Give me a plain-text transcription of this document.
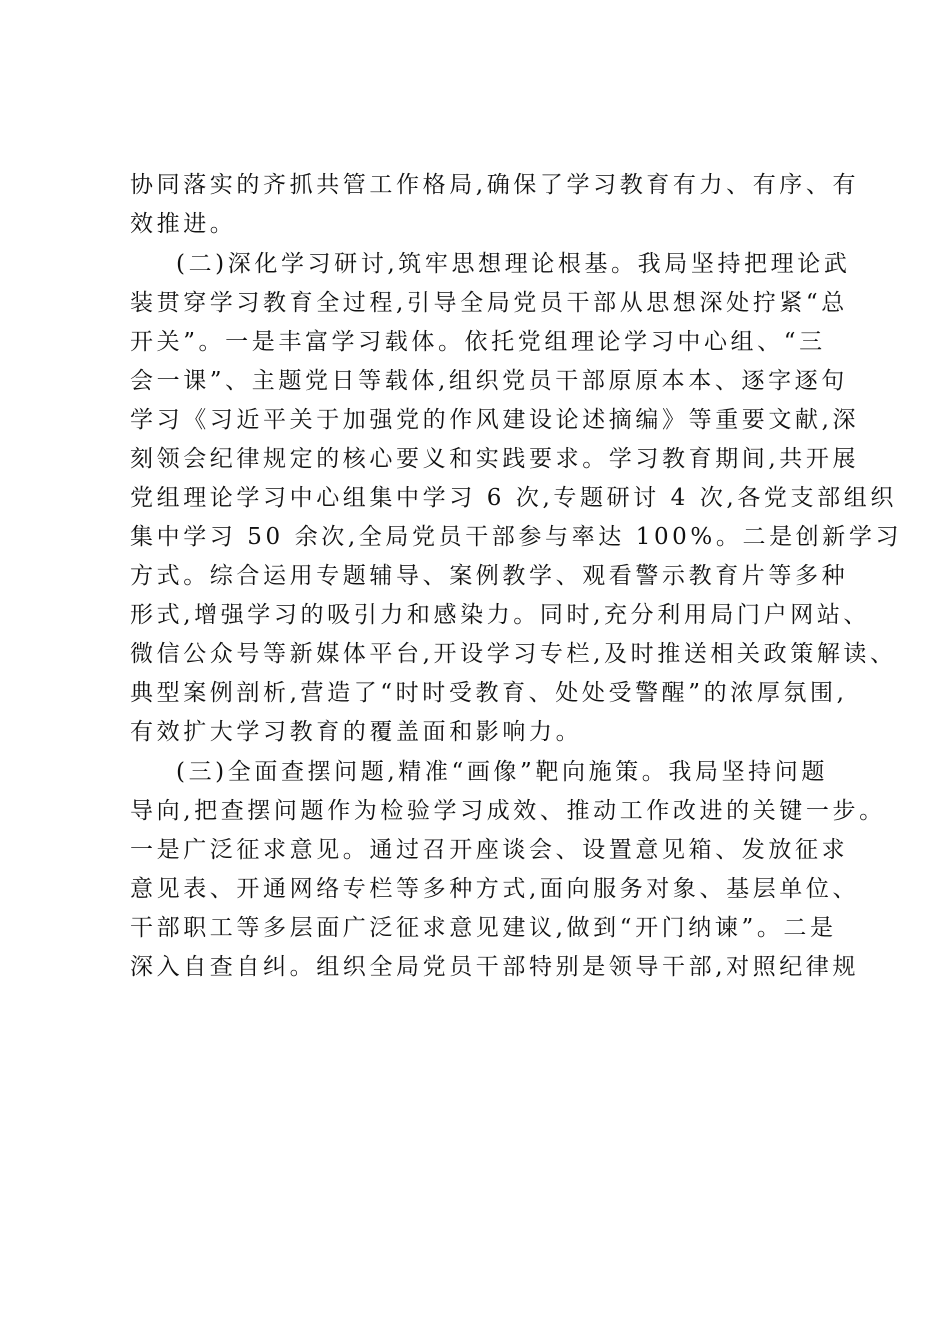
协同落实的齐抓共管工作格局,确保了学习教育有力、有序、有
效推进。
(二)深化学习研讨,筑牢思想理论根基。我局坚持把理论武
装贯穿学习教育全过程,引导全局党员干部从思想深处拧紧“总
开关”。一是丰富学习载体。依托党组理论学习中心组、“三
会一课”、主题党日等载体,组织党员干部原原本本、逐字逐句
学习《习近平关于加强党的作风建设论述摘编》等重要文献,深
刻领会纪律规定的核心要义和实践要求。学习教育期间,共开展
党组理论学习中心组集中学习 6 次,专题研讨 4 次,各党支部组织
集中学习 50 余次,全局党员干部参与率达 100%。二是创新学习
方式。综合运用专题辅导、案例教学、观看警示教育片等多种
形式,增强学习的吸引力和感染力。同时,充分利用局门户网站、
微信公众号等新媒体平台,开设学习专栏,及时推送相关政策解读、
典型案例剖析,营造了“时时受教育、处处受警醒”的浓厚氛围,
有效扩大学习教育的覆盖面和影响力。
(三)全面查摆问题,精准“画像”靶向施策。我局坚持问题
导向,把查摆问题作为检验学习成效、推动工作改进的关键一步。
一是广泛征求意见。通过召开座谈会、设置意见箱、发放征求
意见表、开通网络专栏等多种方式,面向服务对象、基层单位、
干部职工等多层面广泛征求意见建议,做到“开门纳谏”。二是
深入自查自纠。组织全局党员干部特别是领导干部,对照纪律规
